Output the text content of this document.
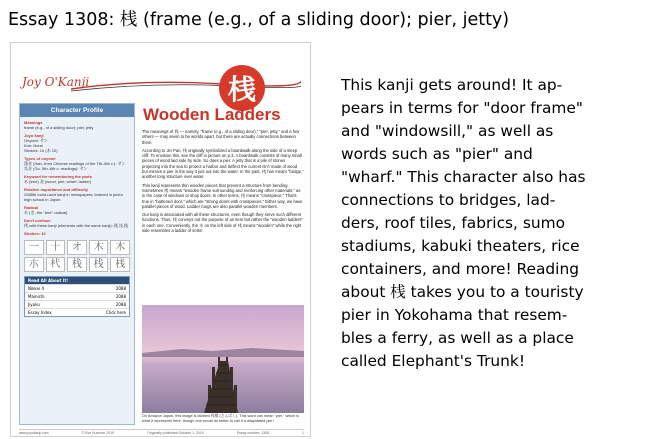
Essay 1308: 桟 (frame (e.g., of a sliding door); pier, jetty)
Joy O'Kanji	桟
Wooden Ladders
Character Profile
Meanings
frame (e.g., of a sliding door); pier, jetty
Joyo kanji
Onyomi: サン
Kun: None
Strokes: 10 (木 10)
Types of onyomi
漢音 (Han, from Chinese readings of the 7th–8th c.): サン
呉音 (Go, 5th–6th c. readings): サン
Keyword for remembering the parts
木 (tree) 戔 (wood, pier, wharf, ladder)
Relative importance and difficulty
2088th most-used kanji in newspapers; learned in junior high school in Japan
Radical
木 (き, the "tree" radical)
Don't confuse
桟 with these kanji (elements with the same kanji): 銭 浅 践
Strokes: 10
一	十	オ	木	木
朩	杙	栈	栈	桟
Read All About It!
Nikkei 4	2088
Mainichi	2088
Jiyuku	2088
Essay Index	Click here
The meanings of 桟 — namely, "frame (e.g., of a sliding door)," "pier, jetty," and a few others — may seem to be worlds apart, but there are actually connections between them.
According to Jin Pan, 桟 originally symbolized a boardwalk along the side of a steep cliff. To envision this, see the cliff in picture on p.3. A boardwalk consists of many small pieces of wood laid side by side. So does a pier. A jetty that is a pile of stones projecting into the sea to protect a harbor and deflect the current isn't made of wood but mimics a pier in the way it juts out into the water. In the past, 桟 has meant "bridge," another long structure over water.
This kanji represents thin wooden pieces that prevent a structure from bending. Sometimes 桟 means "wooden frame surrounding and reinforcing other materials," as in the case of windows or shoji doors. In other terms, 桟 means "crosspiece." That's true in "battened door," which are "strong doors with crosspieces." Either way, we have parallel pieces of wood. Ladder rungs are also parallel wooden members.
Our kanji is associated with all these structures, even though they serve such different functions. Thus, 桟 conveys not the purpose of an item but rather the "wooden ladders" in each one. Conveniently, the 木 on the left side of 桟 means "wooden" while the right side resembles a ladder of sorts!
On Amazon Japan, this image is labeled 桟橋 (さんばし). This word can mean "pier," which is what it represents here, though one would do better to call it a dilapidated pier!
www.joyokanji.com	© Eve Kushner 2019	Originally published October 1, 2019	Essay number: 1308	1
This kanji gets around! It ap-
pears in terms for "door frame"
and "windowsill," as well as
words such as "pier" and
"wharf." This character also has
connections to bridges, lad-
ders, roof tiles, fabrics, sumo
stadiums, kabuki theaters, rice
containers, and more! Reading
about 桟 takes you to a touristy
pier in Yokohama that resem-
bles a ferry, as well as a place
called Elephant's Trunk!
